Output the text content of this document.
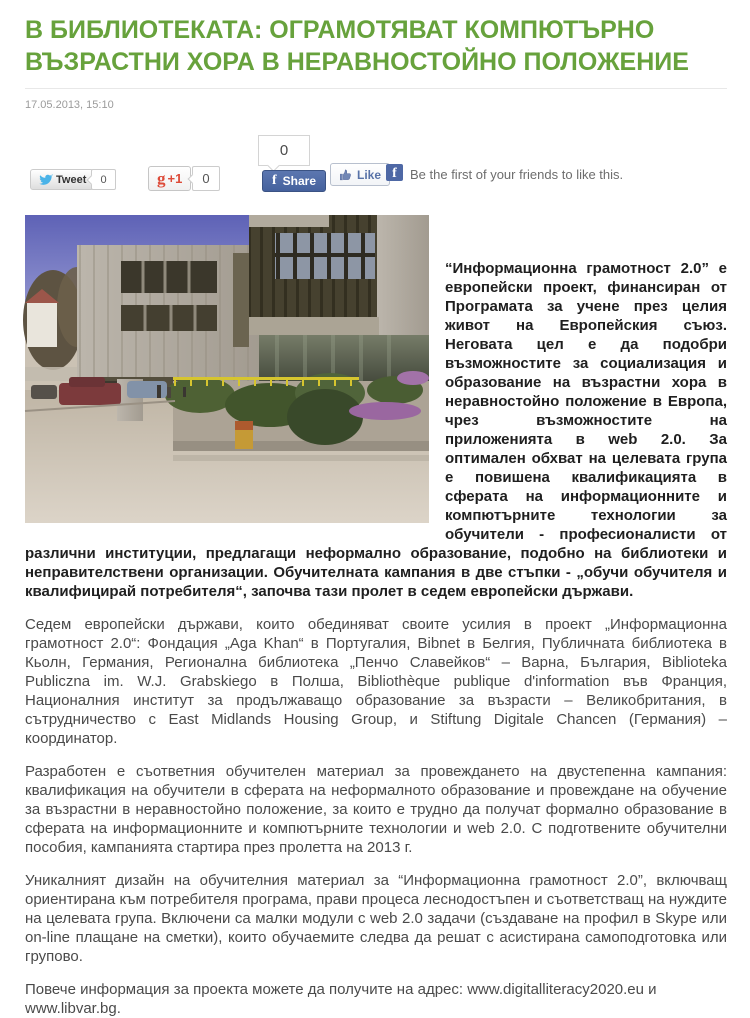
В БИБЛИОТЕКАТА: ОГРАМОТЯВАТ КОМПЮТЪРНО ВЪЗРАСТНИ ХОРА В НЕРАВНОСТОЙНО ПОЛОЖЕНИЕ
17.05.2013, 15:10
Tweet	0	g +1	0
0
f Share	Like f	Be the first of your friends to like this.

“Информационна грамотност 2.0” е европейски проект, финансиран от Програмата за учене през целия живот на Европейския съюз. Неговата цел е да подобри възможностите за социализация и образование на възрастни хора в неравностойно положение в Европа, чрез възможностите на приложенията в web 2.0. За оптимален обхват на целевата група е повишена квалификацията в сферата на информационните и компютърните технологии за обучители - професионалисти от различни институции, предлагащи неформално образование, подобно на библиотеки и неправителствени организации. Обучителната кампания в две стъпки - „обучи обучителя и квалифицирай потребителя“, започва тази пролет в седем европейски държави.

Седем европейски държави, които обединяват своите усилия в проект „Информационна грамотност 2.0“: Фондация „Aga Khan“ в Португалия, Bibnet в Белгия, Публичната библиотека в Кьолн, Германия, Регионална библиотека „Пенчо Славейков“ – Варна, България, Biblioteka Publiczna im. W.J. Grabskiego в Полша, Bibliothèque publique d'information във Франция, Националния институт за продължаващо образование за възрасти – Великобритания, в сътрудничество с East Midlands Housing Group, и Stiftung Digitale Chancen (Германия) – координатор.

Разработен е съответния обучителен материал за провеждането на двустепенна кампания: квалификация на обучители в сферата на неформалното образование и провеждане на обучение за възрастни в неравностойно положение, за които е трудно да получат формално образование в сферата на информационните и компютърните технологии и web 2.0. С подготвените обучителни пособия, кампанията стартира през пролетта на 2013 г.

Уникалният дизайн на обучителния материал за “Информационна грамотност 2.0”, включващ ориентирана към потребителя програма, прави процеса леснодостъпен и съответстващ на нуждите на целевата група. Включени са малки модули с web 2.0 задачи (създаване на профил в Skype или on-line плащане на сметки), които обучаемите следва да решат с асистирана самоподготовка или групово.

Повече информация за проекта можете да получите на адрес: www.digitalliteracy2020.eu и www.libvar.bg.
